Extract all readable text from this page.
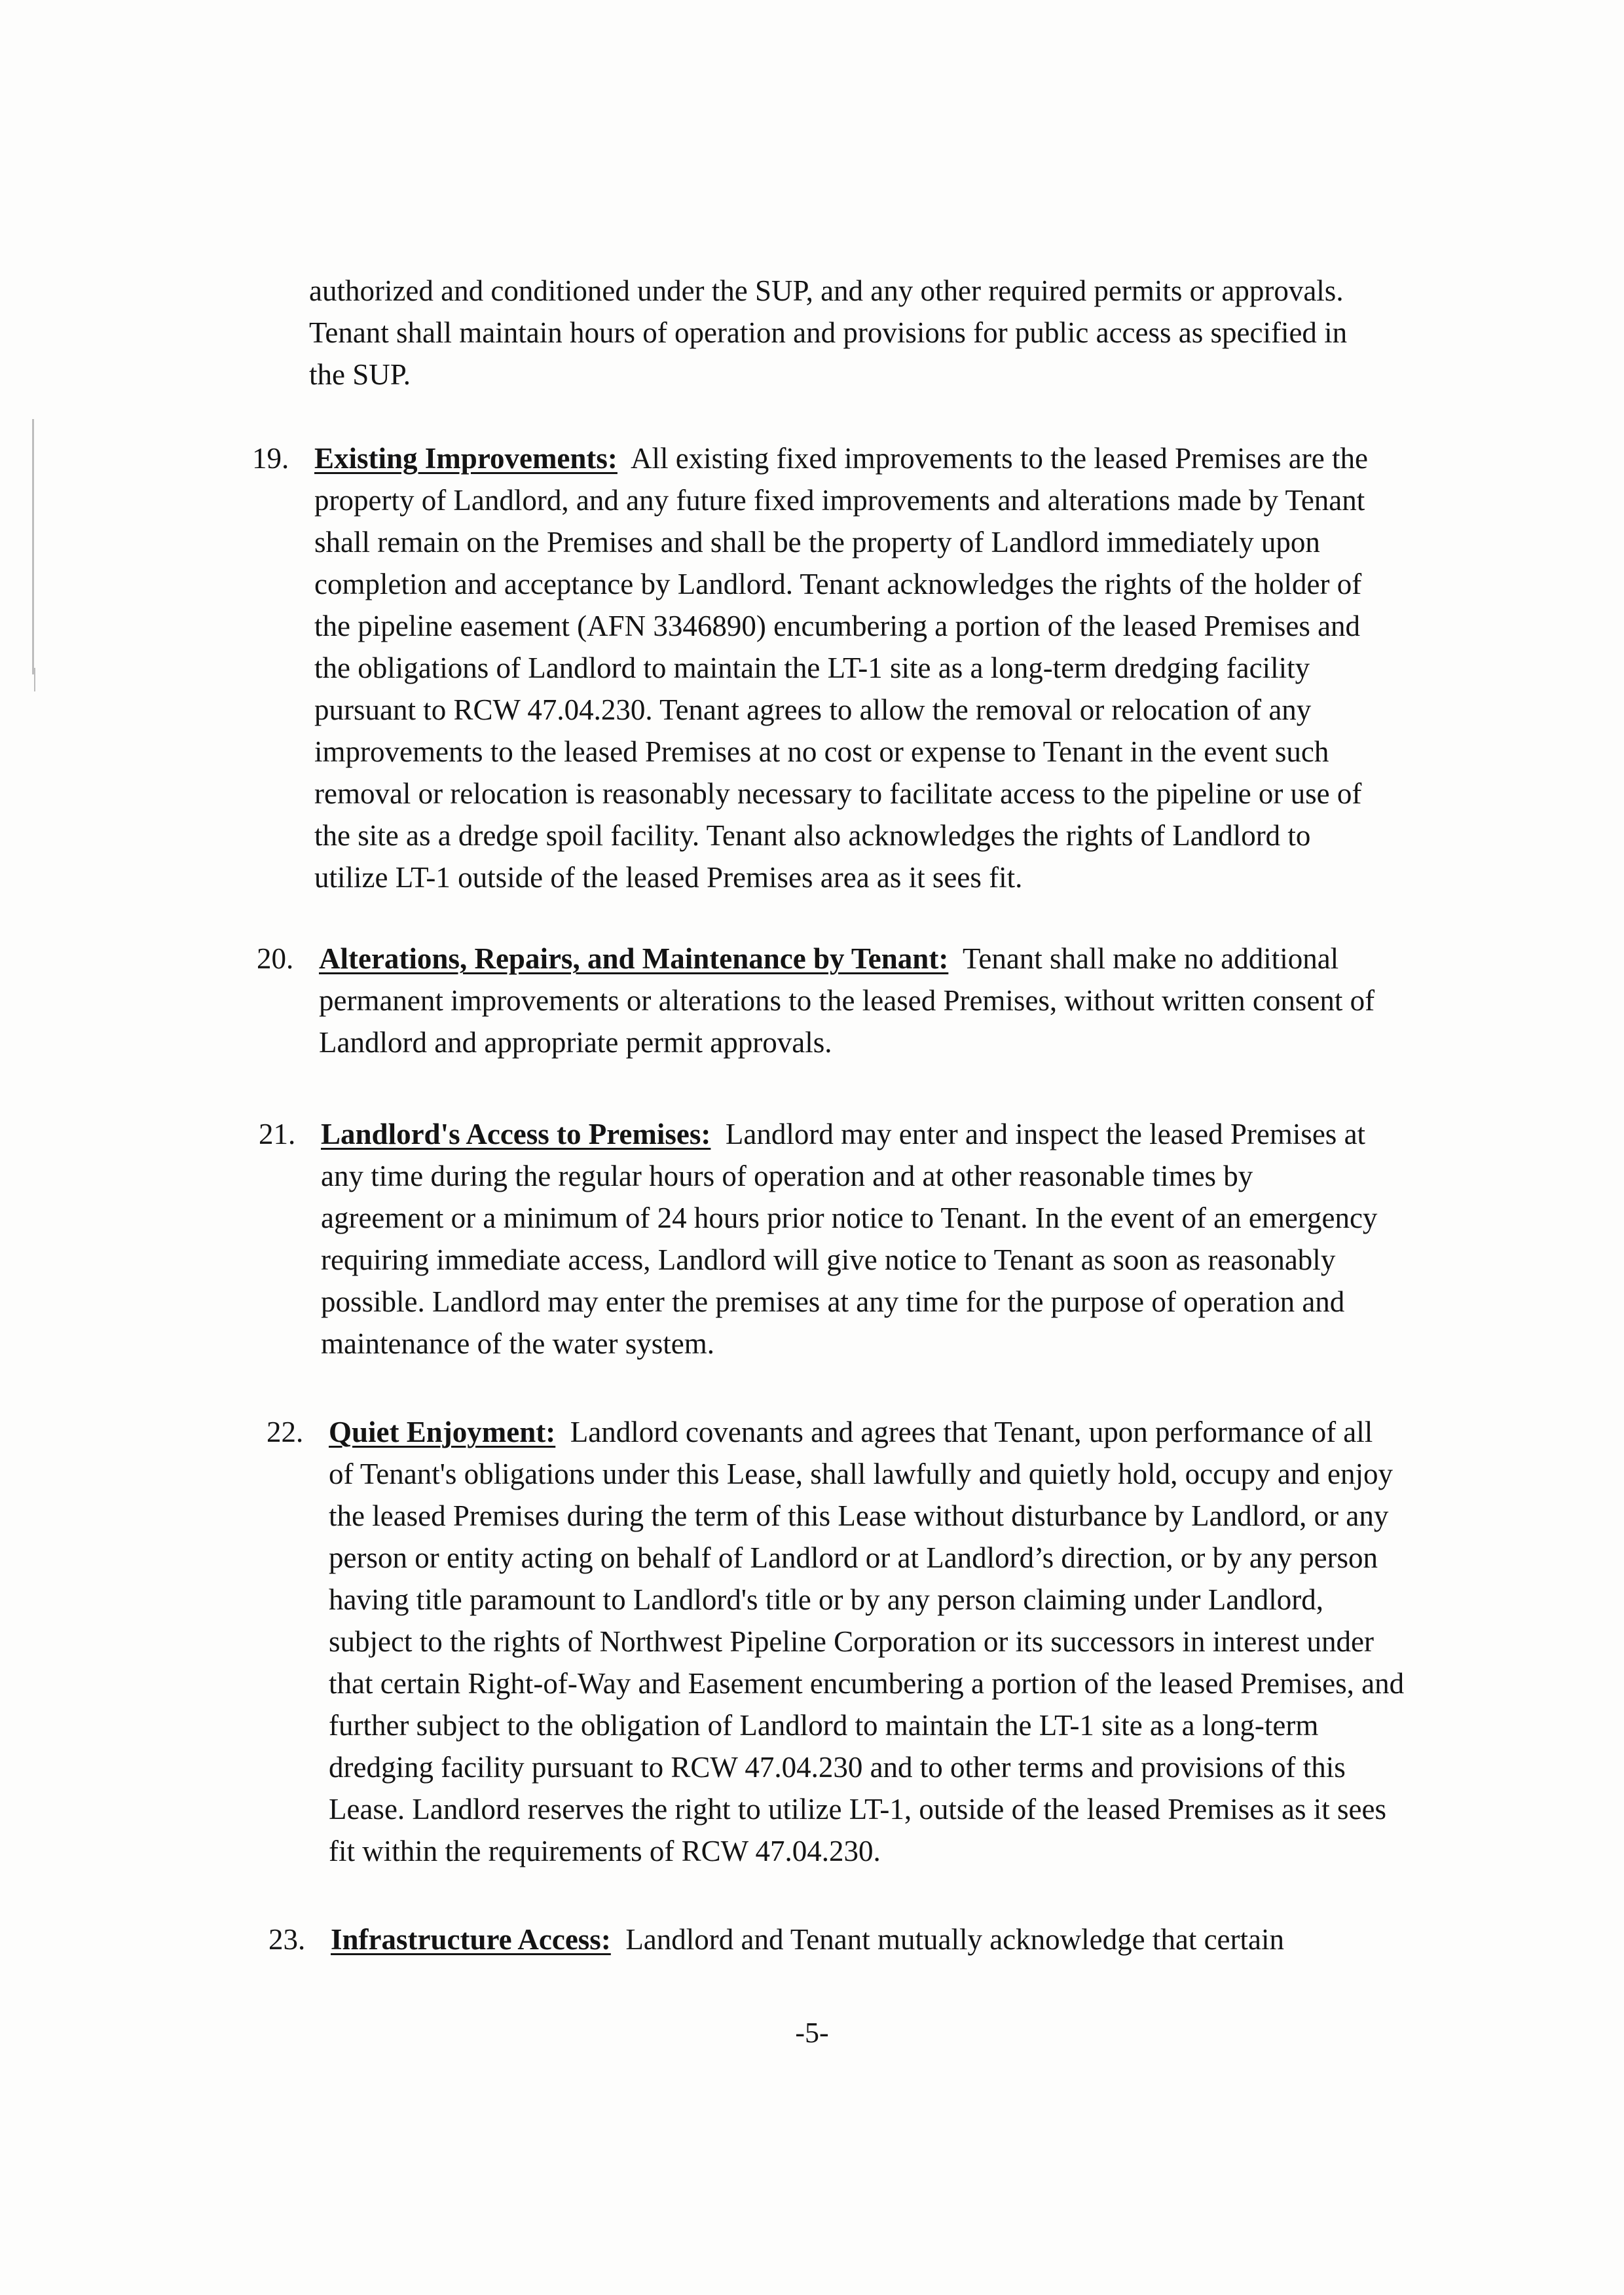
authorized and conditioned under the SUP, and any other required permits or approvals.
Tenant shall maintain hours of operation and provisions for public access as specified in
the SUP.
19. Existing Improvements: All existing fixed improvements to the leased Premises are the
property of Landlord, and any future fixed improvements and alterations made by Tenant
shall remain on the Premises and shall be the property of Landlord immediately upon
completion and acceptance by Landlord. Tenant acknowledges the rights of the holder of
the pipeline easement (AFN 3346890) encumbering a portion of the leased Premises and
the obligations of Landlord to maintain the LT-1 site as a long-term dredging facility
pursuant to RCW 47.04.230. Tenant agrees to allow the removal or relocation of any
improvements to the leased Premises at no cost or expense to Tenant in the event such
removal or relocation is reasonably necessary to facilitate access to the pipeline or use of
the site as a dredge spoil facility. Tenant also acknowledges the rights of Landlord to
utilize LT-1 outside of the leased Premises area as it sees fit.
20. Alterations, Repairs, and Maintenance by Tenant: Tenant shall make no additional
permanent improvements or alterations to the leased Premises, without written consent of
Landlord and appropriate permit approvals.
21. Landlord's Access to Premises: Landlord may enter and inspect the leased Premises at
any time during the regular hours of operation and at other reasonable times by
agreement or a minimum of 24 hours prior notice to Tenant. In the event of an emergency
requiring immediate access, Landlord will give notice to Tenant as soon as reasonably
possible. Landlord may enter the premises at any time for the purpose of operation and
maintenance of the water system.
22. Quiet Enjoyment: Landlord covenants and agrees that Tenant, upon performance of all
of Tenant's obligations under this Lease, shall lawfully and quietly hold, occupy and enjoy
the leased Premises during the term of this Lease without disturbance by Landlord, or any
person or entity acting on behalf of Landlord or at Landlord’s direction, or by any person
having title paramount to Landlord's title or by any person claiming under Landlord,
subject to the rights of Northwest Pipeline Corporation or its successors in interest under
that certain Right-of-Way and Easement encumbering a portion of the leased Premises, and
further subject to the obligation of Landlord to maintain the LT-1 site as a long-term
dredging facility pursuant to RCW 47.04.230 and to other terms and provisions of this
Lease. Landlord reserves the right to utilize LT-1, outside of the leased Premises as it sees
fit within the requirements of RCW 47.04.230.
23. Infrastructure Access: Landlord and Tenant mutually acknowledge that certain
-5-
